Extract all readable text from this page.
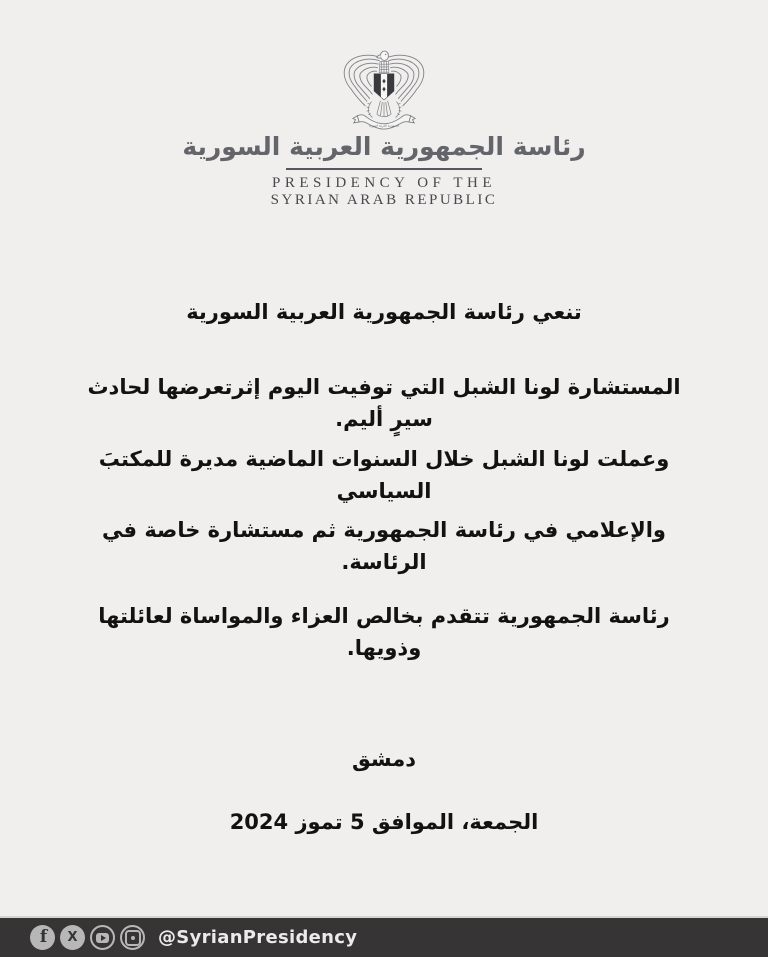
الجمهورية العربية السورية
رئاسة الجمهورية العربية السورية
PRESIDENCY OF THE
SYRIAN ARAB REPUBLIC

تنعي رئاسة الجمهورية العربية السورية

المستشارة لونا الشبل التي توفيت اليوم إثرتعرضها لحادث سيرٍ أليم.

وعملت لونا الشبل خلال السنوات الماضية مديرة للمكتبَ السياسي

والإعلامي في رئاسة الجمهورية ثم مستشارة خاصة في الرئاسة.

رئاسة الجمهورية تتقدم بخالص العزاء والمواساة لعائلتها وذويها.

دمشق

الجمعة، الموافق 5 تموز 2024

f X	@SyrianPresidency
